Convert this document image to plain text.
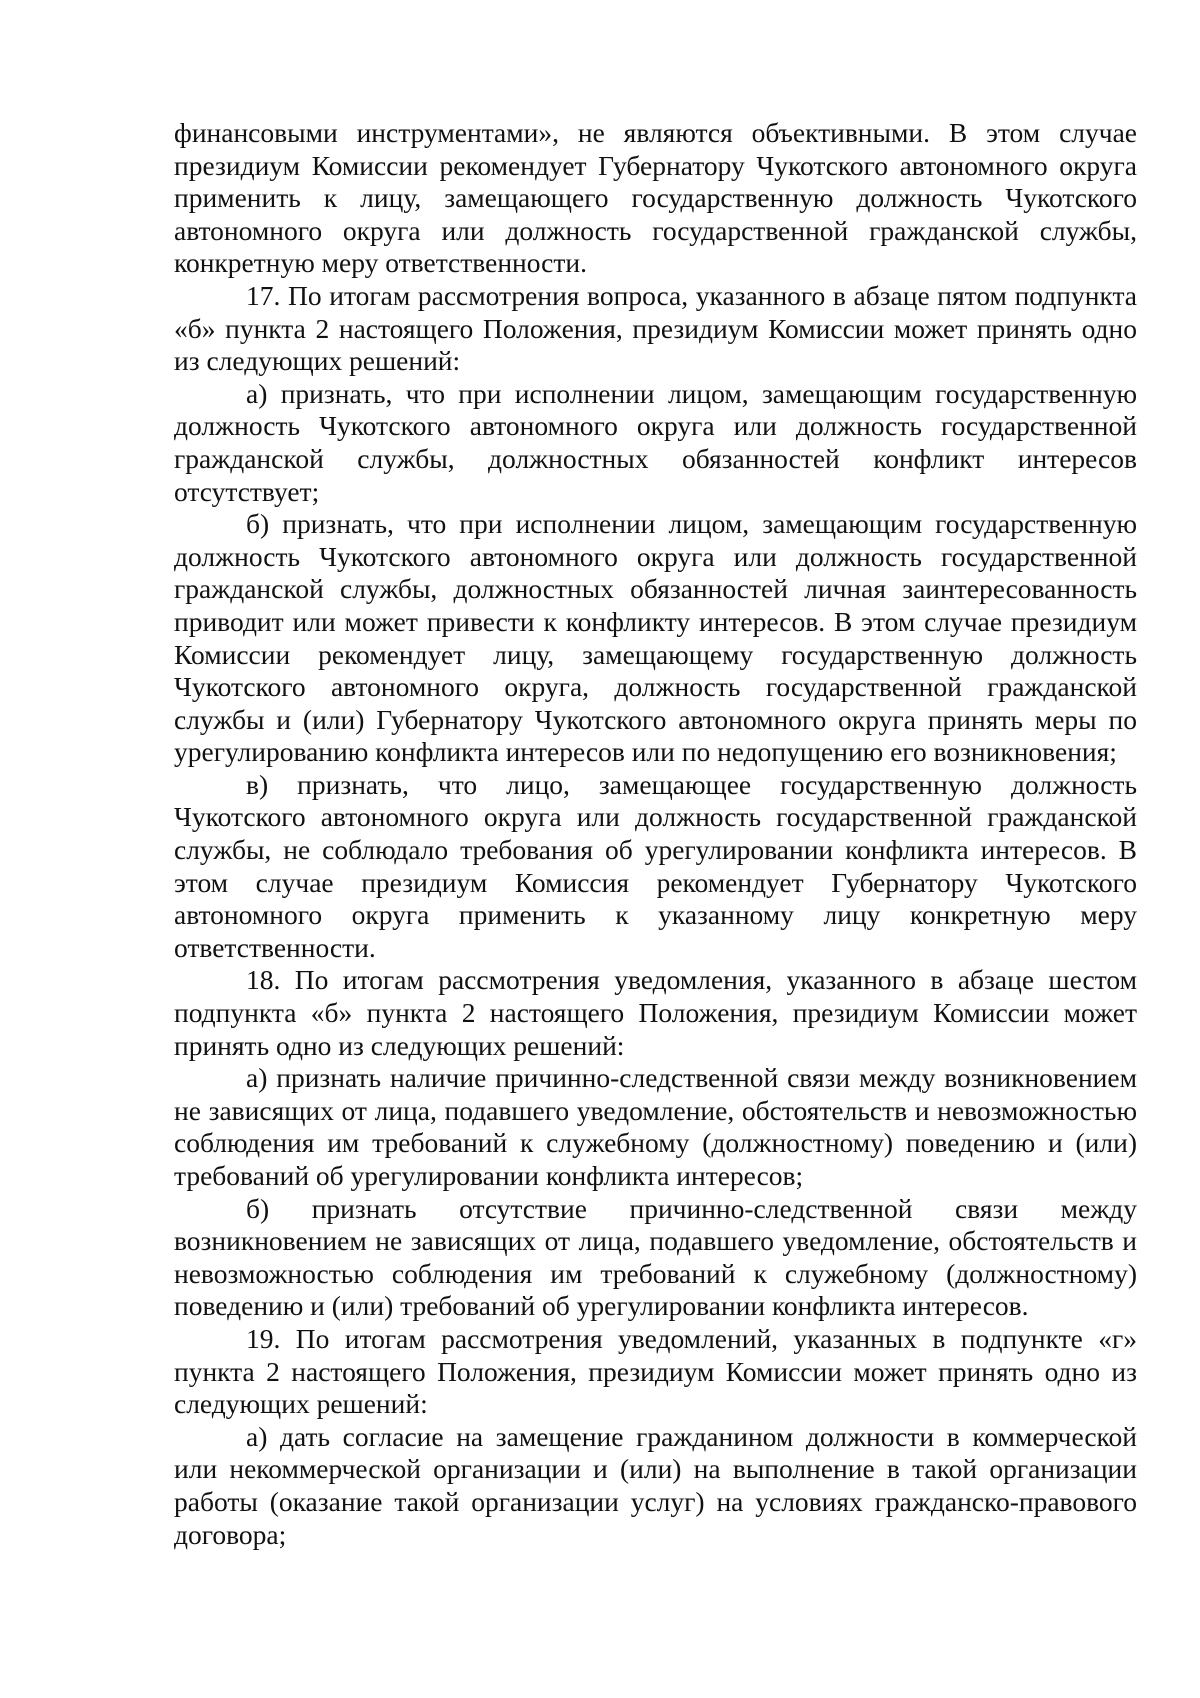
финансовыми инструментами», не являются объективными. В этом случае президиум Комиссии рекомендует Губернатору Чукотского автономного округа применить к лицу, замещающего государственную должность Чукотского автономного округа или должность государственной гражданской службы, конкретную меру ответственности.

17. По итогам рассмотрения вопроса, указанного в абзаце пятом подпункта «б» пункта 2 настоящего Положения, президиум Комиссии может принять одно из следующих решений:

а) признать, что при исполнении лицом, замещающим государственную должность Чукотского автономного округа или должность государственной гражданской службы, должностных обязанностей конфликт интересов отсутствует;

б) признать, что при исполнении лицом, замещающим государственную должность Чукотского автономного округа или должность государственной гражданской службы, должностных обязанностей личная заинтересованность приводит или может привести к конфликту интересов. В этом случае президиум Комиссии рекомендует лицу, замещающему государственную должность Чукотского автономного округа, должность государственной гражданской службы и (или) Губернатору Чукотского автономного округа принять меры по урегулированию конфликта интересов или по недопущению его возникновения;

в) признать, что лицо, замещающее государственную должность Чукотского автономного округа или должность государственной гражданской службы, не соблюдало требования об урегулировании конфликта интересов. В этом случае президиум Комиссия рекомендует Губернатору Чукотского автономного округа применить к указанному лицу конкретную меру ответственности.

18. По итогам рассмотрения уведомления, указанного в абзаце шестом подпункта «б» пункта 2 настоящего Положения, президиум Комиссии может принять одно из следующих решений:

а) признать наличие причинно-следственной связи между возникновением не зависящих от лица, подавшего уведомление, обстоятельств и невозможностью соблюдения им требований к служебному (должностному) поведению и (или) требований об урегулировании конфликта интересов;

б) признать отсутствие причинно-следственной связи между возникновением не зависящих от лица, подавшего уведомление, обстоятельств и невозможностью соблюдения им требований к служебному (должностному) поведению и (или) требований об урегулировании конфликта интересов.

19. По итогам рассмотрения уведомлений, указанных в подпункте «г» пункта 2 настоящего Положения, президиум Комиссии может принять одно из следующих решений:

а) дать согласие на замещение гражданином должности в коммерческой или некоммерческой организации и (или) на выполнение в такой организации работы (оказание такой организации услуг) на условиях гражданско-правового договора;
